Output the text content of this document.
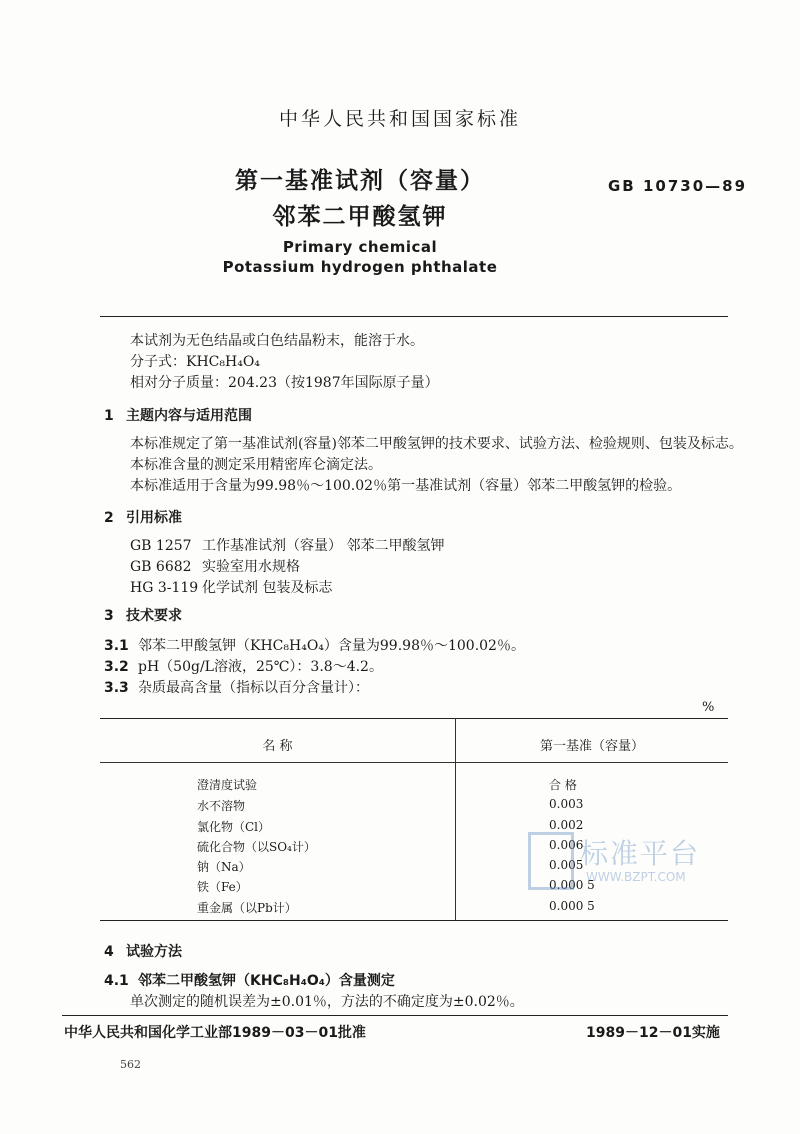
中华人民共和国国家标准
第一基准试剂（容量）	GB 10730—89
邻苯二甲酸氢钾
Primary chemical
Potassium hydrogen phthalate
本试剂为无色结晶或白色结晶粉末，能溶于水。
分子式：KHC₈H₄O₄
相对分子质量：204.23（按1987年国际原子量）
1 主题内容与适用范围
本标准规定了第一基准试剂(容量)邻苯二甲酸氢钾的技术要求、试验方法、检验规则、包装及标志。
本标准含量的测定采用精密库仑滴定法。
本标准适用于含量为99.98％～100.02％第一基准试剂（容量）邻苯二甲酸氢钾的检验。
2 引用标准
GB 1257 工作基准试剂（容量） 邻苯二甲酸氢钾
GB 6682 实验室用水规格
HG 3-119 化学试剂 包装及标志
3 技术要求
3.1 邻苯二甲酸氢钾（KHC₈H₄O₄）含量为99.98％～100.02％。
3.2 pH（50g/L溶液，25℃）：3.8～4.2。
3.3 杂质最高含量（指标以百分含量计）：
%
名 称	第一基准（容量）
澄清度试验	合 格
水不溶物	0.003
氯化物（Cl）	0.002
硫化合物（以SO₄计）	0.006
钠（Na）	0.005
铁（Fe）	0.000 5
重金属（以Pb计）	0.000 5
标准平台
WWW.BZPT.COM
4 试验方法
4.1 邻苯二甲酸氢钾（KHC₈H₄O₄）含量测定
单次测定的随机误差为±0.01％，方法的不确定度为±0.02％。
中华人民共和国化学工业部1989－03－01批准	1989－12－01实施
562
